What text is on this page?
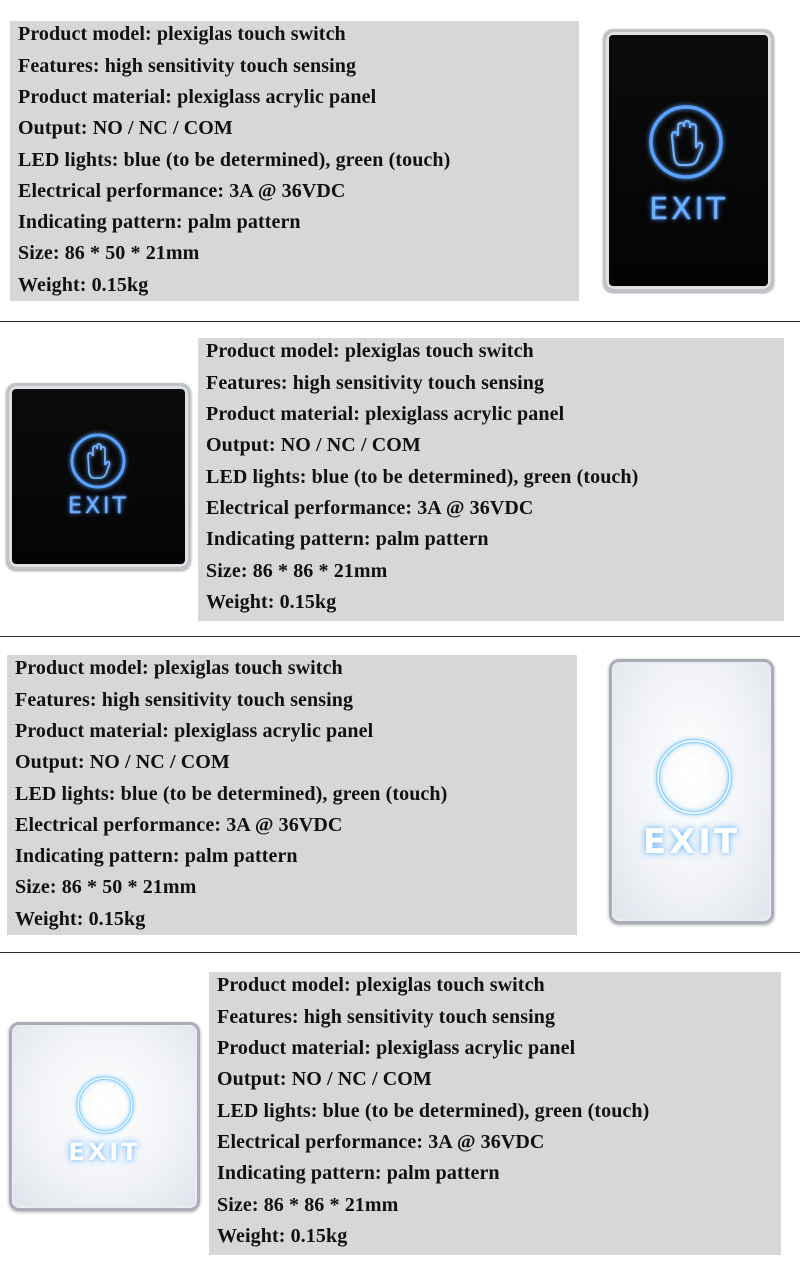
Product model: plexiglas touch switch
Features: high sensitivity touch sensing
Product material: plexiglass acrylic panel
Output: NO / NC / COM
LED lights: blue (to be determined), green (touch)
Electrical performance: 3A @ 36VDC
Indicating pattern: palm pattern
Size: 86 * 50 * 21mm
Weight: 0.15kg
EXIT
EXIT
Product model: plexiglas touch switch
Features: high sensitivity touch sensing
Product material: plexiglass acrylic panel
Output: NO / NC / COM
LED lights: blue (to be determined), green (touch)
Electrical performance: 3A @ 36VDC
Indicating pattern: palm pattern
Size: 86 * 86 * 21mm
Weight: 0.15kg
Product model: plexiglas touch switch
Features: high sensitivity touch sensing
Product material: plexiglass acrylic panel
Output: NO / NC / COM
LED lights: blue (to be determined), green (touch)
Electrical performance: 3A @ 36VDC
Indicating pattern: palm pattern
Size: 86 * 50 * 21mm
Weight: 0.15kg
EXIT
EXIT
Product model: plexiglas touch switch
Features: high sensitivity touch sensing
Product material: plexiglass acrylic panel
Output: NO / NC / COM
LED lights: blue (to be determined), green (touch)
Electrical performance: 3A @ 36VDC
Indicating pattern: palm pattern
Size: 86 * 86 * 21mm
Weight: 0.15kg
